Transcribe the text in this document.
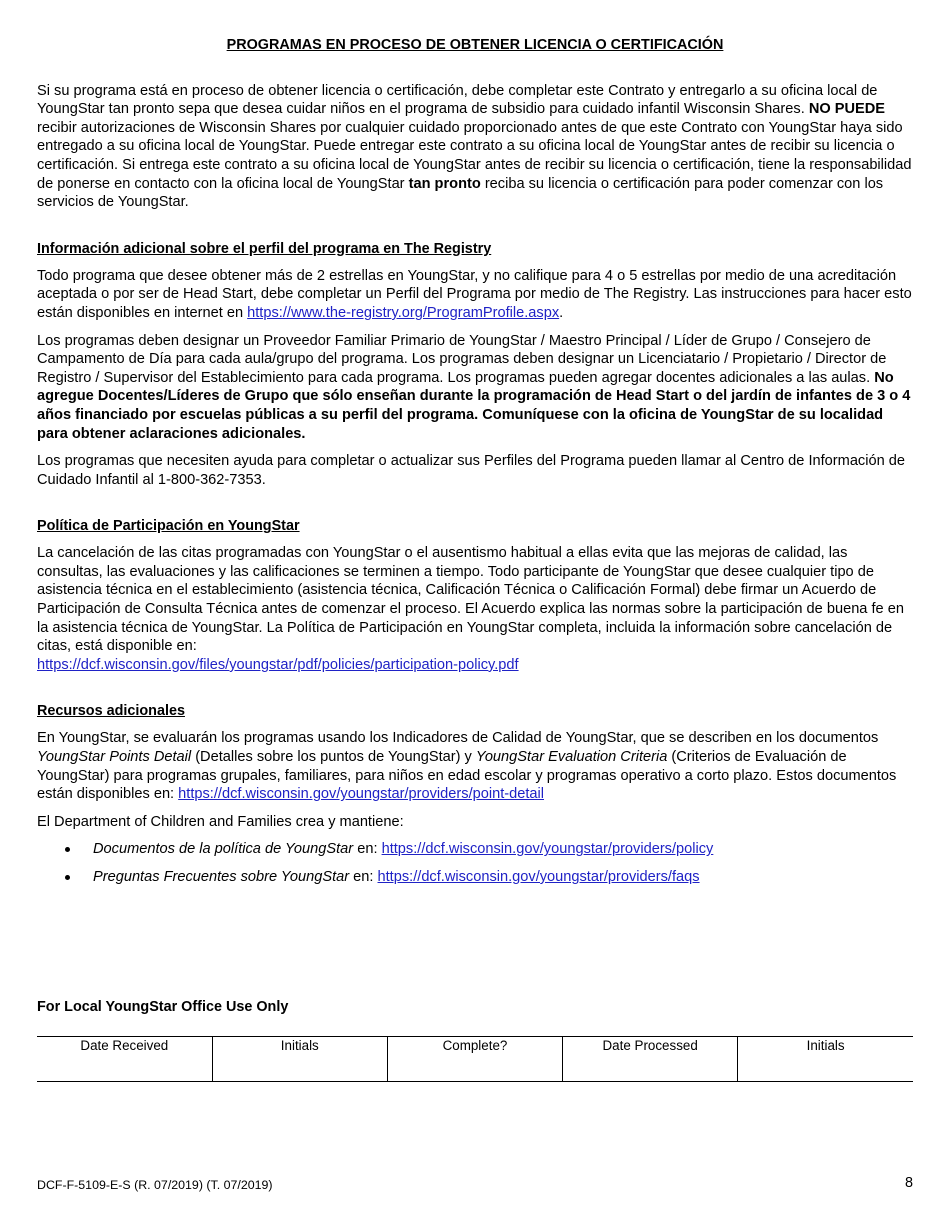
PROGRAMAS EN PROCESO DE OBTENER LICENCIA O CERTIFICACIÓN

Si su programa está en proceso de obtener licencia o certificación, debe completar este Contrato y entregarlo a su oficina local de YoungStar tan pronto sepa que desea cuidar niños en el programa de subsidio para cuidado infantil Wisconsin Shares. NO PUEDE recibir autorizaciones de Wisconsin Shares por cualquier cuidado proporcionado antes de que este Contrato con YoungStar haya sido entregado a su oficina local de YoungStar. Puede entregar este contrato a su oficina local de YoungStar antes de recibir su licencia o certificación. Si entrega este contrato a su oficina local de YoungStar antes de recibir su licencia o certificación, tiene la responsabilidad de ponerse en contacto con la oficina local de YoungStar tan pronto reciba su licencia o certificación para poder comenzar con los servicios de YoungStar.

Información adicional sobre el perfil del programa en The Registry

Todo programa que desee obtener más de 2 estrellas en YoungStar, y no califique para 4 o 5 estrellas por medio de una acreditación aceptada o por ser de Head Start, debe completar un Perfil del Programa por medio de The Registry. Las instrucciones para hacer esto están disponibles en internet en https://www.the-registry.org/ProgramProfile.aspx.

Los programas deben designar un Proveedor Familiar Primario de YoungStar / Maestro Principal / Líder de Grupo / Consejero de Campamento de Día para cada aula/grupo del programa. Los programas deben designar un Licenciatario / Propietario / Director de Registro / Supervisor del Establecimiento para cada programa. Los programas pueden agregar docentes adicionales a las aulas. No agregue Docentes/Líderes de Grupo que sólo enseñan durante la programación de Head Start o del jardín de infantes de 3 o 4 años financiado por escuelas públicas a su perfil del programa. Comuníquese con la oficina de YoungStar de su localidad para obtener aclaraciones adicionales.

Los programas que necesiten ayuda para completar o actualizar sus Perfiles del Programa pueden llamar al Centro de Información de Cuidado Infantil al 1-800-362-7353.

Política de Participación en YoungStar

La cancelación de las citas programadas con YoungStar o el ausentismo habitual a ellas evita que las mejoras de calidad, las consultas, las evaluaciones y las calificaciones se terminen a tiempo. Todo participante de YoungStar que desee cualquier tipo de asistencia técnica en el establecimiento (asistencia técnica, Calificación Técnica o Calificación Formal) debe firmar un Acuerdo de Participación de Consulta Técnica antes de comenzar el proceso. El Acuerdo explica las normas sobre la participación de buena fe en la asistencia técnica de YoungStar. La Política de Participación en YoungStar completa, incluida la información sobre cancelación de citas, está disponible en:
https://dcf.wisconsin.gov/files/youngstar/pdf/policies/participation-policy.pdf

Recursos adicionales

En YoungStar, se evaluarán los programas usando los Indicadores de Calidad de YoungStar, que se describen en los documentos YoungStar Points Detail (Detalles sobre los puntos de YoungStar) y YoungStar Evaluation Criteria (Criterios de Evaluación de YoungStar) para programas grupales, familiares, para niños en edad escolar y programas operativo a corto plazo. Estos documentos están disponibles en: https://dcf.wisconsin.gov/youngstar/providers/point-detail

El Department of Children and Families crea y mantiene:

Documentos de la política de YoungStar en: https://dcf.wisconsin.gov/youngstar/providers/policy
Preguntas Frecuentes sobre YoungStar en: https://dcf.wisconsin.gov/youngstar/providers/faqs
For Local YoungStar Office Use Only
Date Received	Initials	Complete?	Date Processed	Initials
DCF-F-5109-E-S (R. 07/2019) (T. 07/2019)	8
